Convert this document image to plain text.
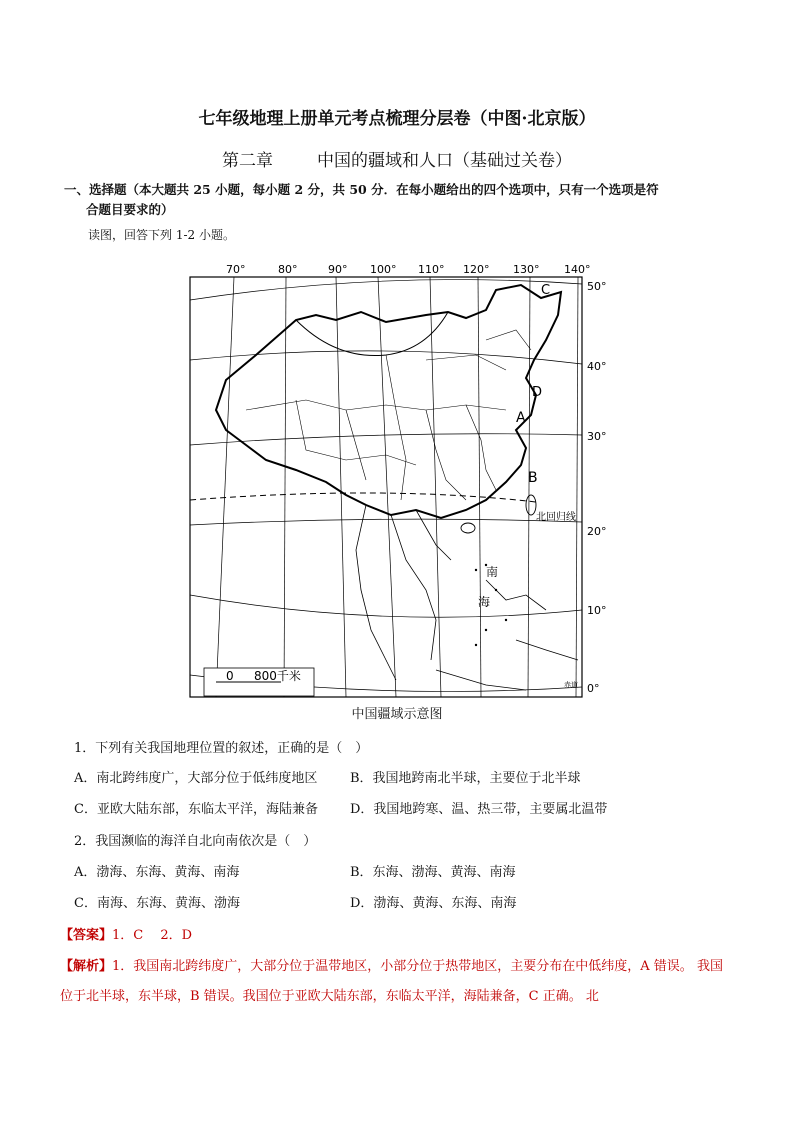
七年级地理上册单元考点梳理分层卷（中图·北京版）
第二章	中国的疆域和人口（基础过关卷）
一、选择题（本大题共 25 小题，每小题 2 分，共 50 分．在每小题给出的四个选项中，只有一个选项是符
合题目要求的）
读图，回答下列 1-2 小题。
0 800千米
70°	80°	90° 100° 110° 120° 130° 140°
50°
40°
30°
20°
10°
0°
C
D
A
B
北回归线
南
海
赤道
中国疆域示意图
1．下列有关我国地理位置的叙述，正确的是（　）
A．南北跨纬度广，大部分位于低纬度地区	B．我国地跨南北半球，主要位于北半球
C．亚欧大陆东部，东临太平洋，海陆兼备 D．我国地跨寒、温、热三带，主要属北温带
2．我国濒临的海洋自北向南依次是（　）
A．渤海、东海、黄海、南海	B．东海、渤海、黄海、南海
C．南海、东海、黄海、渤海	D．渤海、黄海、东海、南海
【答案】1．C　 2．D
【解析】1．我国南北跨纬度广，大部分位于温带地区，小部分位于热带地区，主要分布在中低纬度，A 错误。 我国位于北半球，东半球，B 错误。我国位于亚欧大陆东部，东临太平洋，海陆兼备，C 正确。 北
